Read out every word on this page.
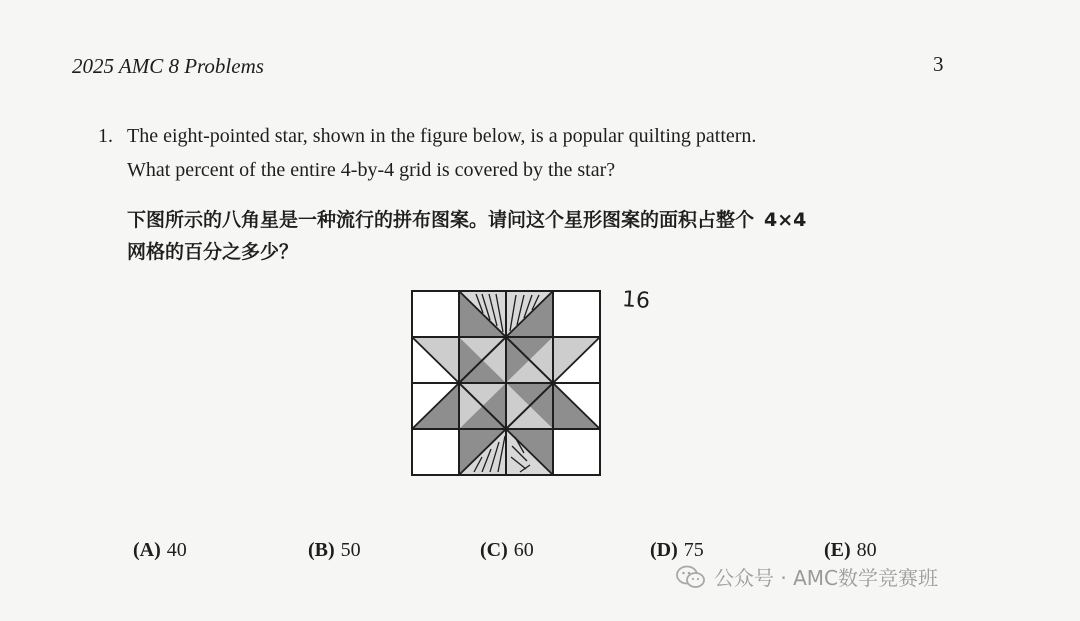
2025 AMC 8 Problems	3
1. The eight-pointed star, shown in the figure below, is a popular quilting pattern.
What percent of the entire 4-by-4 grid is covered by the star?
下图所示的八角星是一种流行的拼布图案。请问这个星形图案的面积占整个 4×4
网格的百分之多少？
16
(A) 40	(B) 50	(C) 60	(D) 75	(E) 80
公众号 · AMC数学竞赛班
